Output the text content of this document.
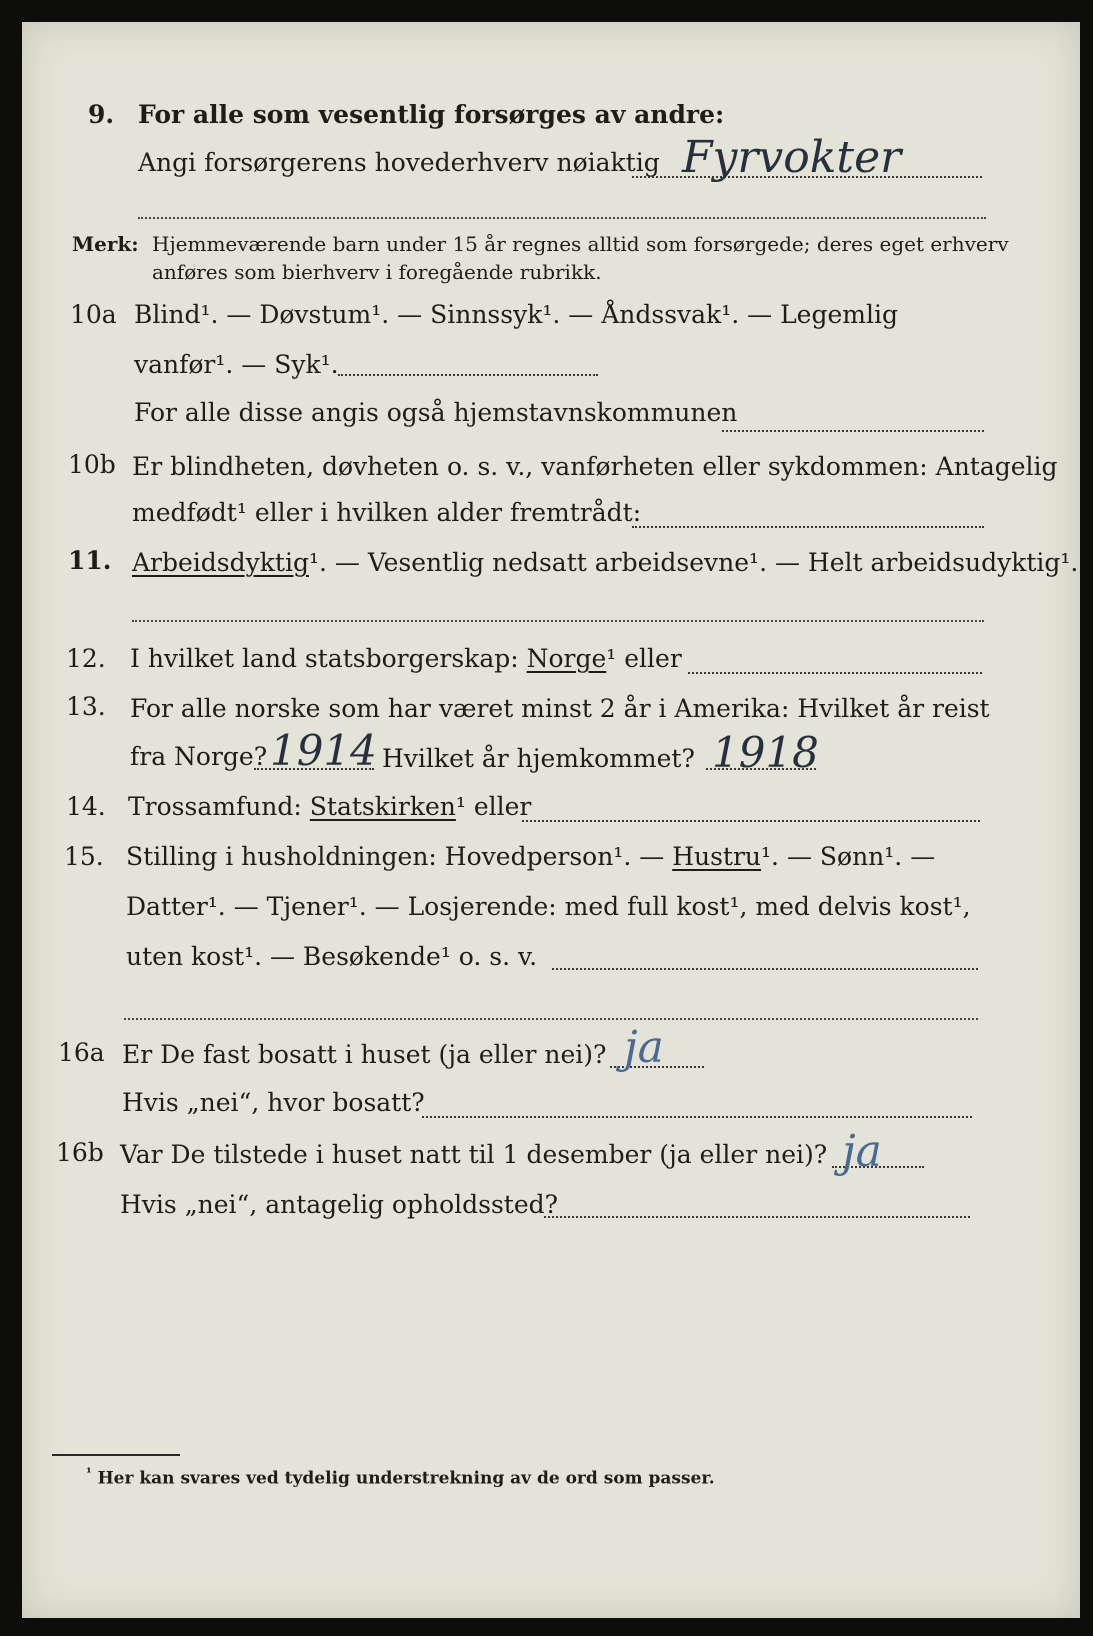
9. For alle som vesentlig forsørges av andre:
Angi forsørgerens hovederhverv nøiaktig Fyrvokter
Merk: Hjemmeværende barn under 15 år regnes alltid som forsørgede; deres eget erhverv
anføres som bierhverv i foregående rubrikk.
10a Blind¹. — Døvstum¹. — Sinnssyk¹. — Åndssvak¹. — Legemlig
vanfør¹. — Syk¹.
For alle disse angis også hjemstavnskommunen
10b Er blindheten, døvheten o. s. v., vanførheten eller sykdommen: Antagelig
medfødt¹ eller i hvilken alder fremtrådt:
11. Arbeidsdyktig¹. — Vesentlig nedsatt arbeidsevne¹. — Helt arbeidsudyktig¹.
12. I hvilket land statsborgerskap: Norge¹ eller
13. For alle norske som har været minst 2 år i Amerika: Hvilket år reist
fra Norge? 1914 Hvilket år hjemkommet? 1918
14. Trossamfund: Statskirken¹ eller
15. Stilling i husholdningen: Hovedperson¹. — Hustru¹. — Sønn¹. —
Datter¹. — Tjener¹. — Losjerende: med full kost¹, med delvis kost¹,
uten kost¹. — Besøkende¹ o. s. v.
16a Er De fast bosatt i huset (ja eller nei)? ja
Hvis „nei“, hvor bosatt?
16b Var De tilstede i huset natt til 1 desember (ja eller nei)? ja
Hvis „nei“, antagelig opholdssted?
$^{^1}$ Her kan svares ved tydelig understrekning av de ord som passer.
